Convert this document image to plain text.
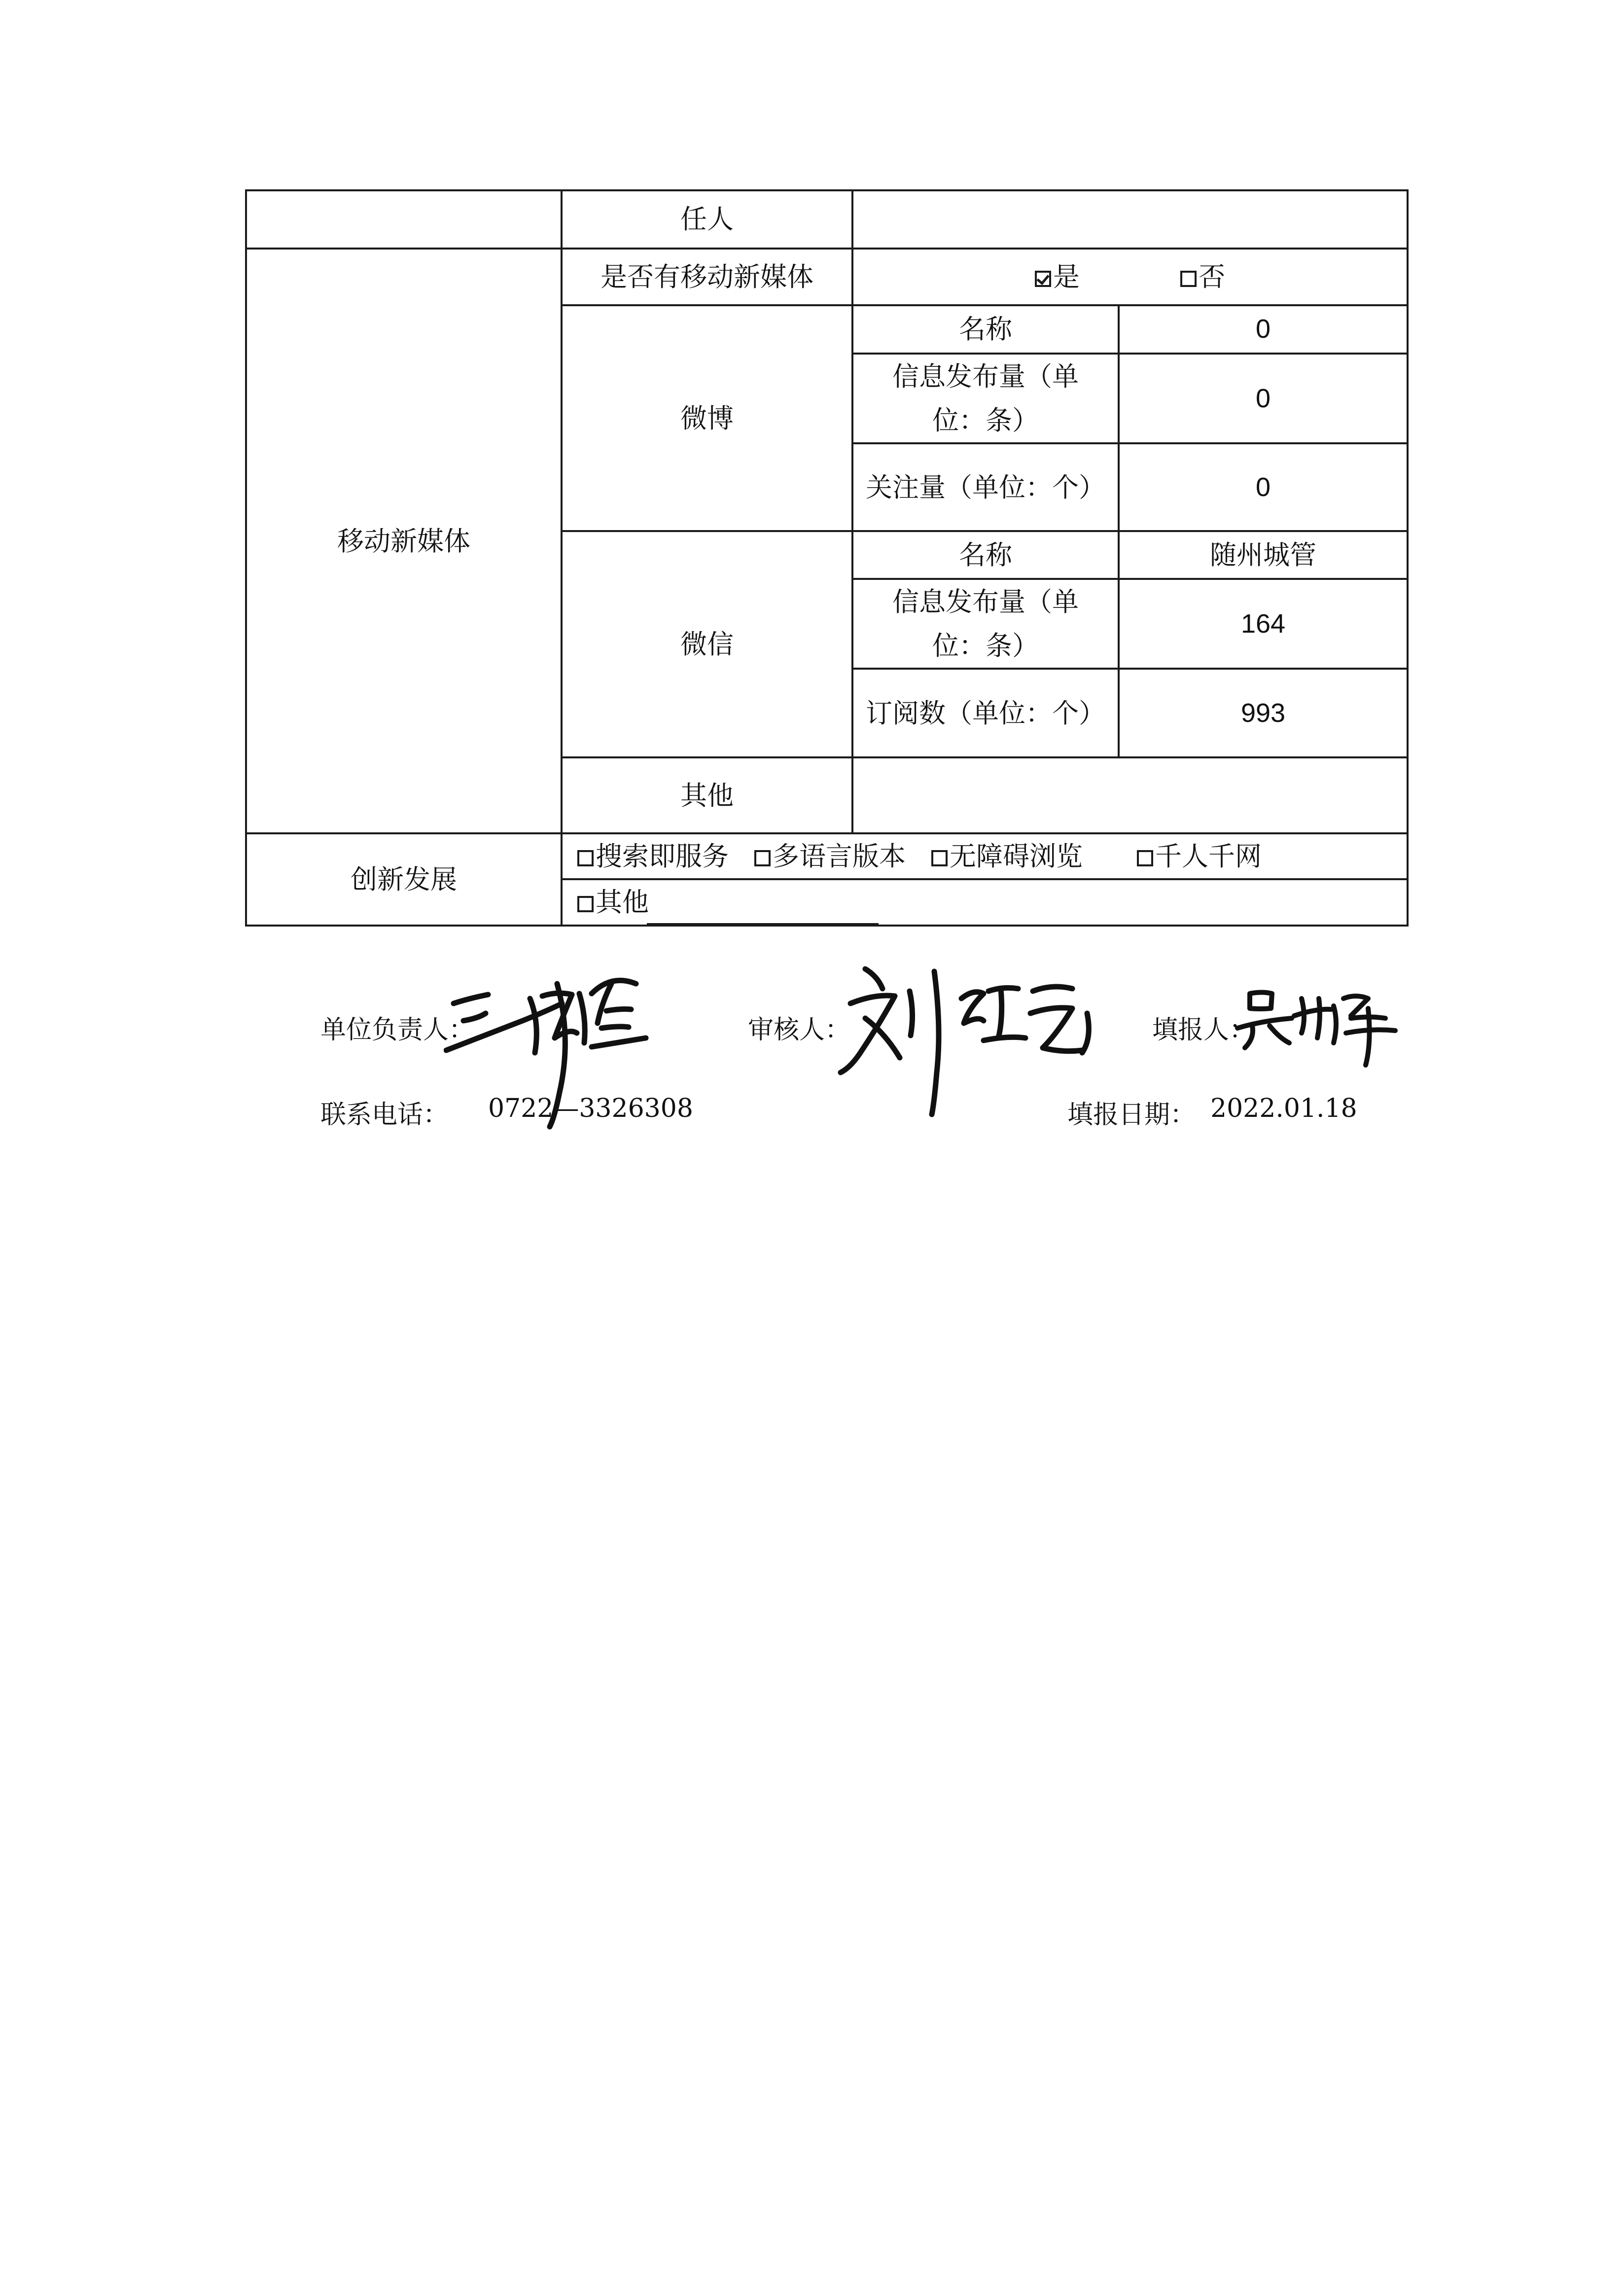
	任人		
移动新媒体	是否有移动新媒体	是 否	
	微博	名称	0
		信息发布量（单位：条）	0
		关注量（单位：个）	0
	微信	名称	随州城管
		信息发布量（单位：条）	164
		订阅数（单位：个）	993
	其他		
创新发展	搜索即服务 多语言版本 无障碍浏览 千人千网		
	其他		
单位负责人：	审核人：	填报人：
联系电话： 0722—3326308	填报日期： 2022.01.18
